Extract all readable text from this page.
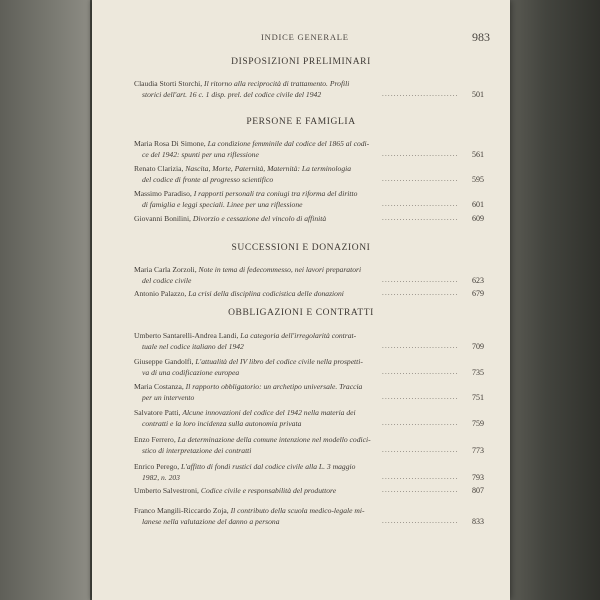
INDICE GENERALE	983
DISPOSIZIONI PRELIMINARI
Claudia Storti Storchi, Il ritorno alla reciprocità di trattamento. Profili
storici dell'art. 16 c. 1 disp. prel. del codice civile del 1942	501
..........................
PERSONE E FAMIGLIA
Maria Rosa Di Simone, La condizione femminile dal codice del 1865 al codi-
ce del 1942: spunti per una riflessione	561
..........................
Renato Clarizia, Nascita, Morte, Paternità, Maternità: La terminologia
del codice di fronte al progresso scientifico	595
..........................
Massimo Paradiso, I rapporti personali tra coniugi tra riforma del diritto
di famiglia e leggi speciali. Linee per una riflessione	601
..........................
Giovanni Bonilini, Divorzio e cessazione del vincolo di affinità	609
..........................
SUCCESSIONI E DONAZIONI
Maria Carla Zorzoli, Note in tema di fedecommesso, nei lavori preparatori
del codice civile	623
..........................
Antonio Palazzo, La crisi della disciplina codicistica delle donazioni	679
..........................
OBBLIGAZIONI E CONTRATTI
Umberto Santarelli-Andrea Landi, La categoria dell'irregolarità contrat-
tuale nel codice italiano del 1942	709
..........................
Giuseppe Gandolfi, L'attualità del IV libro del codice civile nella prospetti-
va di una codificazione europea	735
..........................
Maria Costanza, Il rapporto obbligatorio: un archetipo universale. Traccia
per un intervento	751
..........................
Salvatore Patti, Alcune innovazioni del codice del 1942 nella materia dei
contratti e la loro incidenza sulla autonomia privata	759
..........................
Enzo Ferrero, La determinazione della comune intenzione nel modello codici-
stico di interpretazione dei contratti	773
..........................
Enrico Perego, L'affitto di fondi rustici dal codice civile alla L. 3 maggio
1982, n. 203	793
..........................
Umberto Salvestroni, Codice civile e responsabilità del produttore	807
..........................
Franco Mangili-Riccardo Zoja, Il contributo della scuola medico-legale mi-
lanese nella valutazione del danno a persona	833
..........................
